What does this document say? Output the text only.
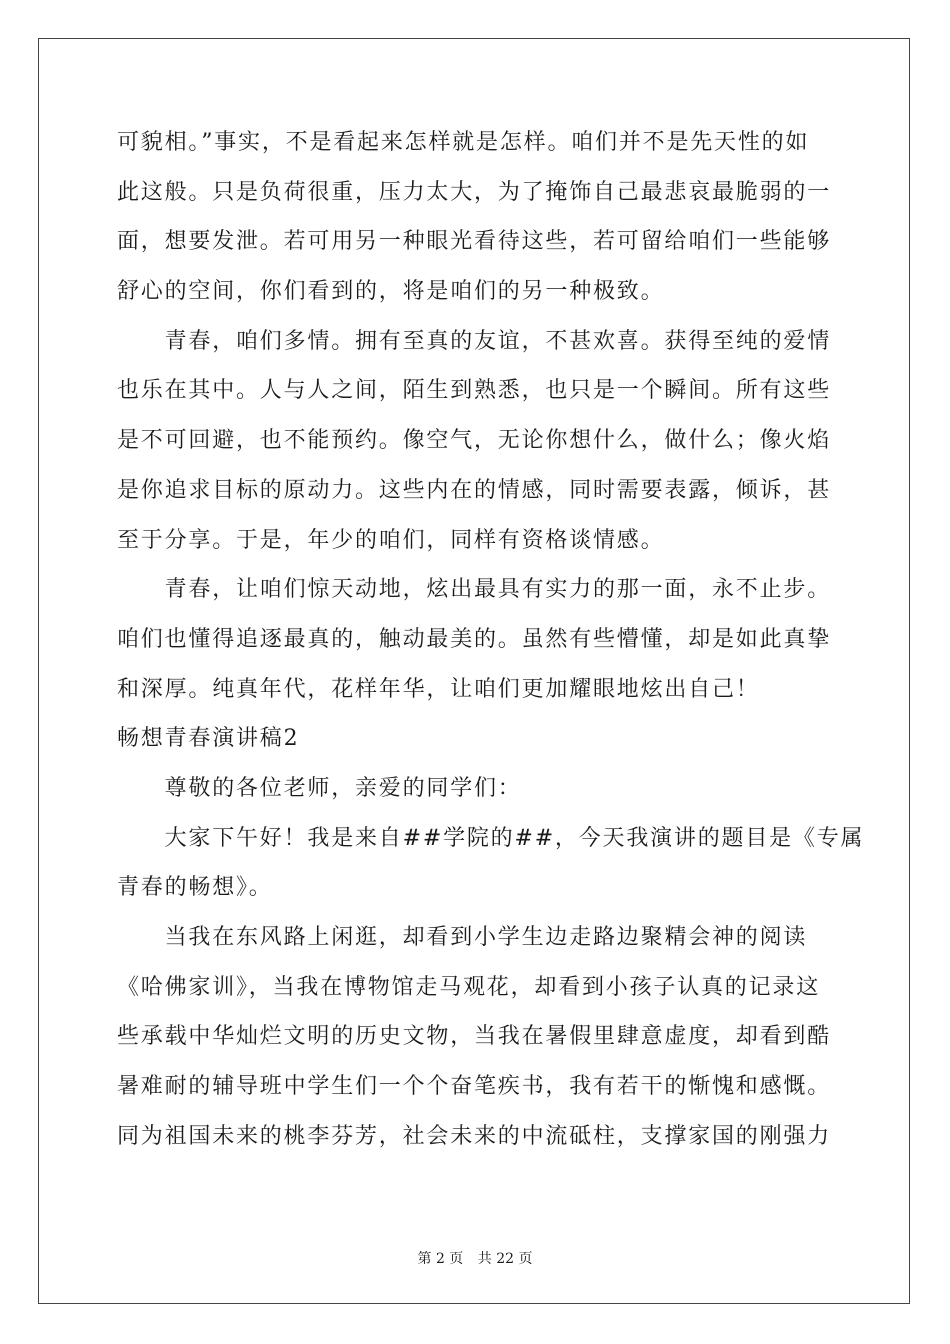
可貌相。”事实，不是看起来怎样就是怎样。咱们并不是先天性的如
此这般。只是负荷很重，压力太大，为了掩饰自己最悲哀最脆弱的一
面，想要发泄。若可用另一种眼光看待这些，若可留给咱们一些能够
舒心的空间，你们看到的，将是咱们的另一种极致。
　　青春，咱们多情。拥有至真的友谊，不甚欢喜。获得至纯的爱情
也乐在其中。人与人之间，陌生到熟悉，也只是一个瞬间。所有这些
是不可回避，也不能预约。像空气，无论你想什么，做什么；像火焰
是你追求目标的原动力。这些内在的情感，同时需要表露，倾诉，甚
至于分享。于是，年少的咱们，同样有资格谈情感。
　　青春，让咱们惊天动地，炫出最具有实力的那一面，永不止步。
咱们也懂得追逐最真的，触动最美的。虽然有些懵懂，却是如此真挚
和深厚。纯真年代，花样年华，让咱们更加耀眼地炫出自己！
畅想青春演讲稿2
　　尊敬的各位老师，亲爱的同学们：
　　大家下午好！我是来自##学院的##，今天我演讲的题目是《专属
青春的畅想》。
　　当我在东风路上闲逛，却看到小学生边走路边聚精会神的阅读
《哈佛家训》，当我在博物馆走马观花，却看到小孩子认真的记录这
些承载中华灿烂文明的历史文物，当我在暑假里肆意虚度，却看到酷
暑难耐的辅导班中学生们一个个奋笔疾书，我有若干的惭愧和感慨。
同为祖国未来的桃李芬芳，社会未来的中流砥柱，支撑家国的刚强力
第 2 页 共 22 页
